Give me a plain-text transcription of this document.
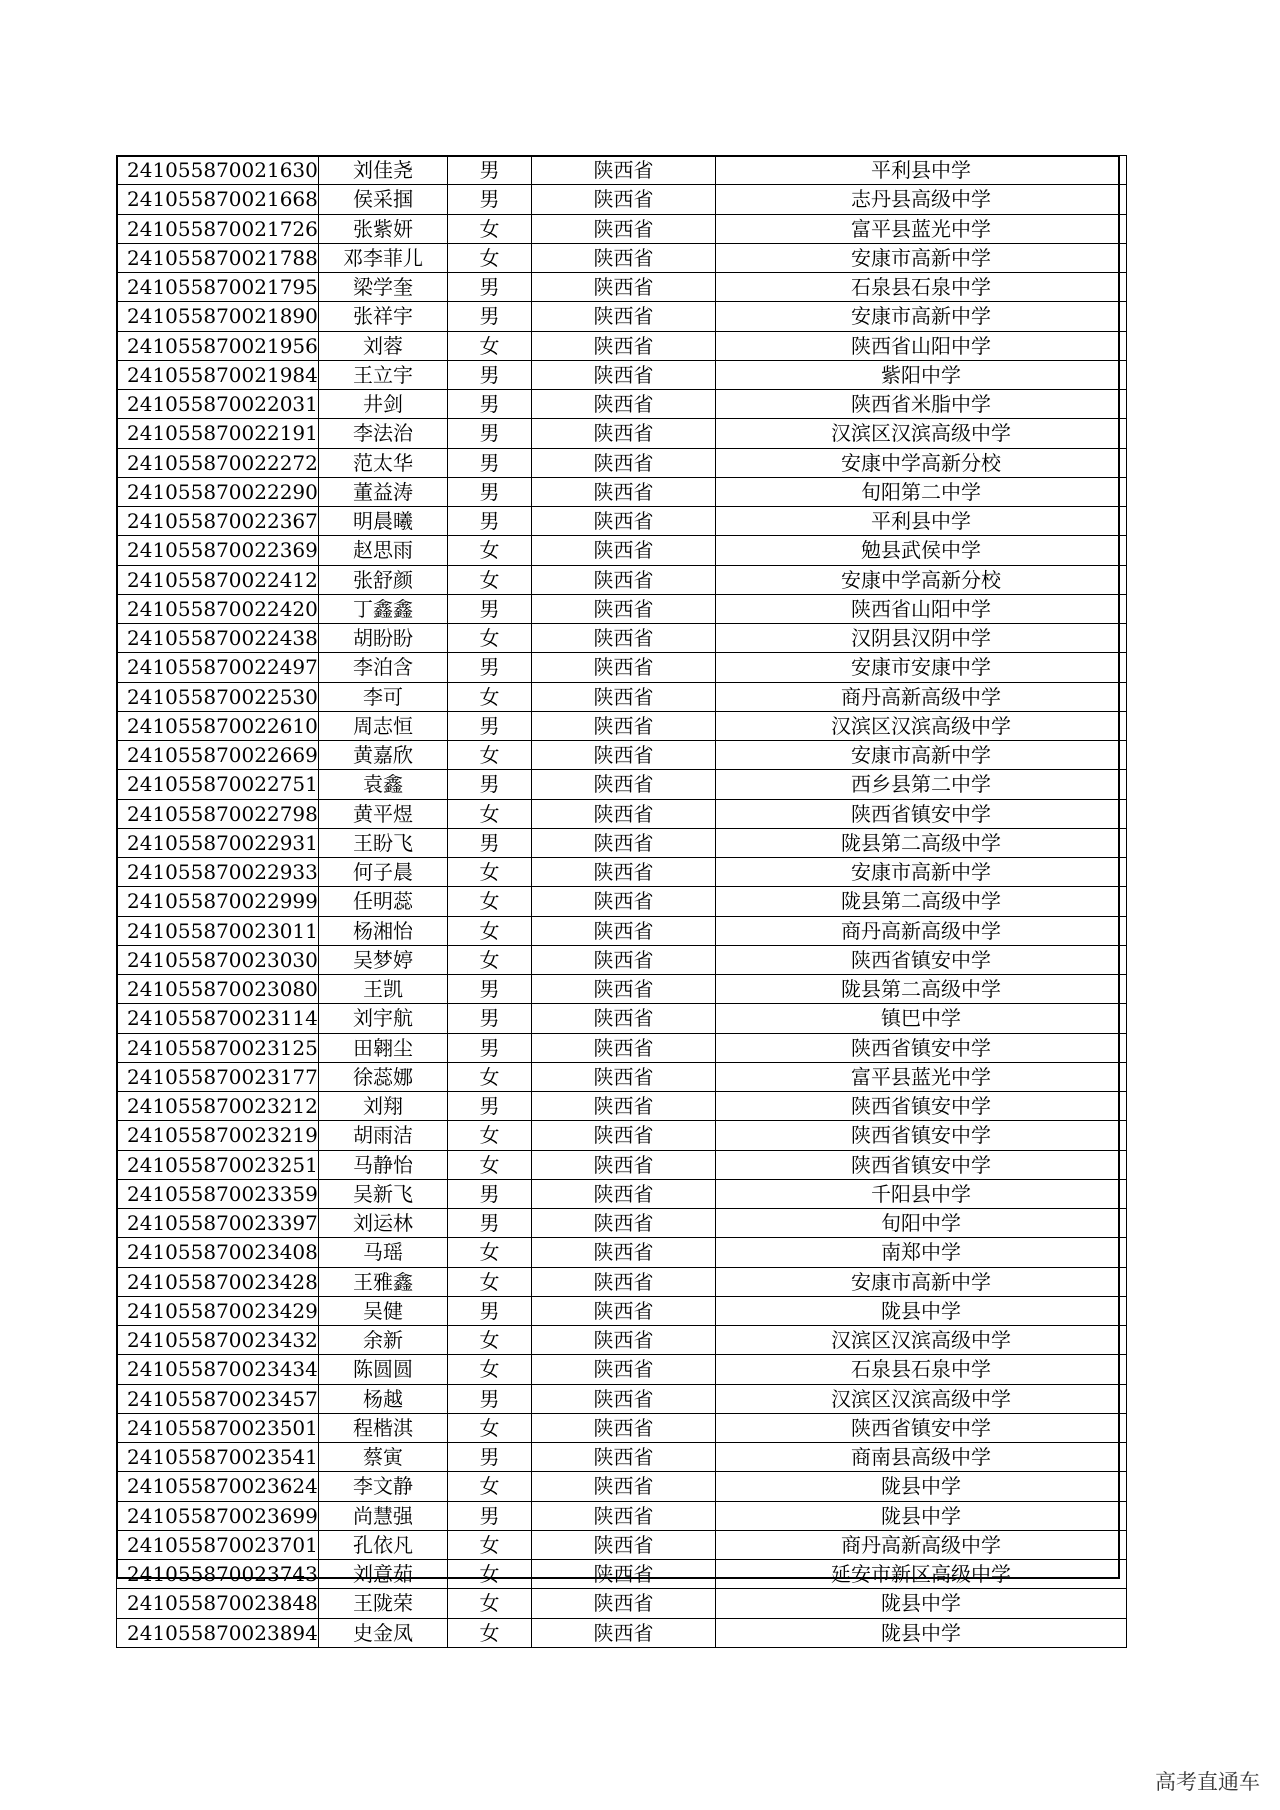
241055870021630	刘佳尧	男	陕西省	平利县中学
241055870021668	侯采掴	男	陕西省	志丹县高级中学
241055870021726	张紫妍	女	陕西省	富平县蓝光中学
241055870021788	邓李菲儿	女	陕西省	安康市高新中学
241055870021795	梁学奎	男	陕西省	石泉县石泉中学
241055870021890	张祥宇	男	陕西省	安康市高新中学
241055870021956	刘蓉	女	陕西省	陕西省山阳中学
241055870021984	王立宇	男	陕西省	紫阳中学
241055870022031	井剑	男	陕西省	陕西省米脂中学
241055870022191	李法治	男	陕西省	汉滨区汉滨高级中学
241055870022272	范太华	男	陕西省	安康中学高新分校
241055870022290	董益涛	男	陕西省	旬阳第二中学
241055870022367	明晨曦	男	陕西省	平利县中学
241055870022369	赵思雨	女	陕西省	勉县武侯中学
241055870022412	张舒颜	女	陕西省	安康中学高新分校
241055870022420	丁鑫鑫	男	陕西省	陕西省山阳中学
241055870022438	胡盼盼	女	陕西省	汉阴县汉阴中学
241055870022497	李泊含	男	陕西省	安康市安康中学
241055870022530	李可	女	陕西省	商丹高新高级中学
241055870022610	周志恒	男	陕西省	汉滨区汉滨高级中学
241055870022669	黄嘉欣	女	陕西省	安康市高新中学
241055870022751	袁鑫	男	陕西省	西乡县第二中学
241055870022798	黄平煜	女	陕西省	陕西省镇安中学
241055870022931	王盼飞	男	陕西省	陇县第二高级中学
241055870022933	何子晨	女	陕西省	安康市高新中学
241055870022999	任明蕊	女	陕西省	陇县第二高级中学
241055870023011	杨湘怡	女	陕西省	商丹高新高级中学
241055870023030	吴梦婷	女	陕西省	陕西省镇安中学
241055870023080	王凯	男	陕西省	陇县第二高级中学
241055870023114	刘宇航	男	陕西省	镇巴中学
241055870023125	田翱尘	男	陕西省	陕西省镇安中学
241055870023177	徐蕊娜	女	陕西省	富平县蓝光中学
241055870023212	刘翔	男	陕西省	陕西省镇安中学
241055870023219	胡雨洁	女	陕西省	陕西省镇安中学
241055870023251	马静怡	女	陕西省	陕西省镇安中学
241055870023359	吴新飞	男	陕西省	千阳县中学
241055870023397	刘运林	男	陕西省	旬阳中学
241055870023408	马瑶	女	陕西省	南郑中学
241055870023428	王雅鑫	女	陕西省	安康市高新中学
241055870023429	吴健	男	陕西省	陇县中学
241055870023432	余新	女	陕西省	汉滨区汉滨高级中学
241055870023434	陈圆圆	女	陕西省	石泉县石泉中学
241055870023457	杨越	男	陕西省	汉滨区汉滨高级中学
241055870023501	程楷淇	女	陕西省	陕西省镇安中学
241055870023541	蔡寅	男	陕西省	商南县高级中学
241055870023624	李文静	女	陕西省	陇县中学
241055870023699	尚慧强	男	陕西省	陇县中学
241055870023701	孔依凡	女	陕西省	商丹高新高级中学
241055870023743	刘意茹	女	陕西省	延安市新区高级中学
241055870023848	王陇荣	女	陕西省	陇县中学
241055870023894	史金凤	女	陕西省	陇县中学
高考直通车
